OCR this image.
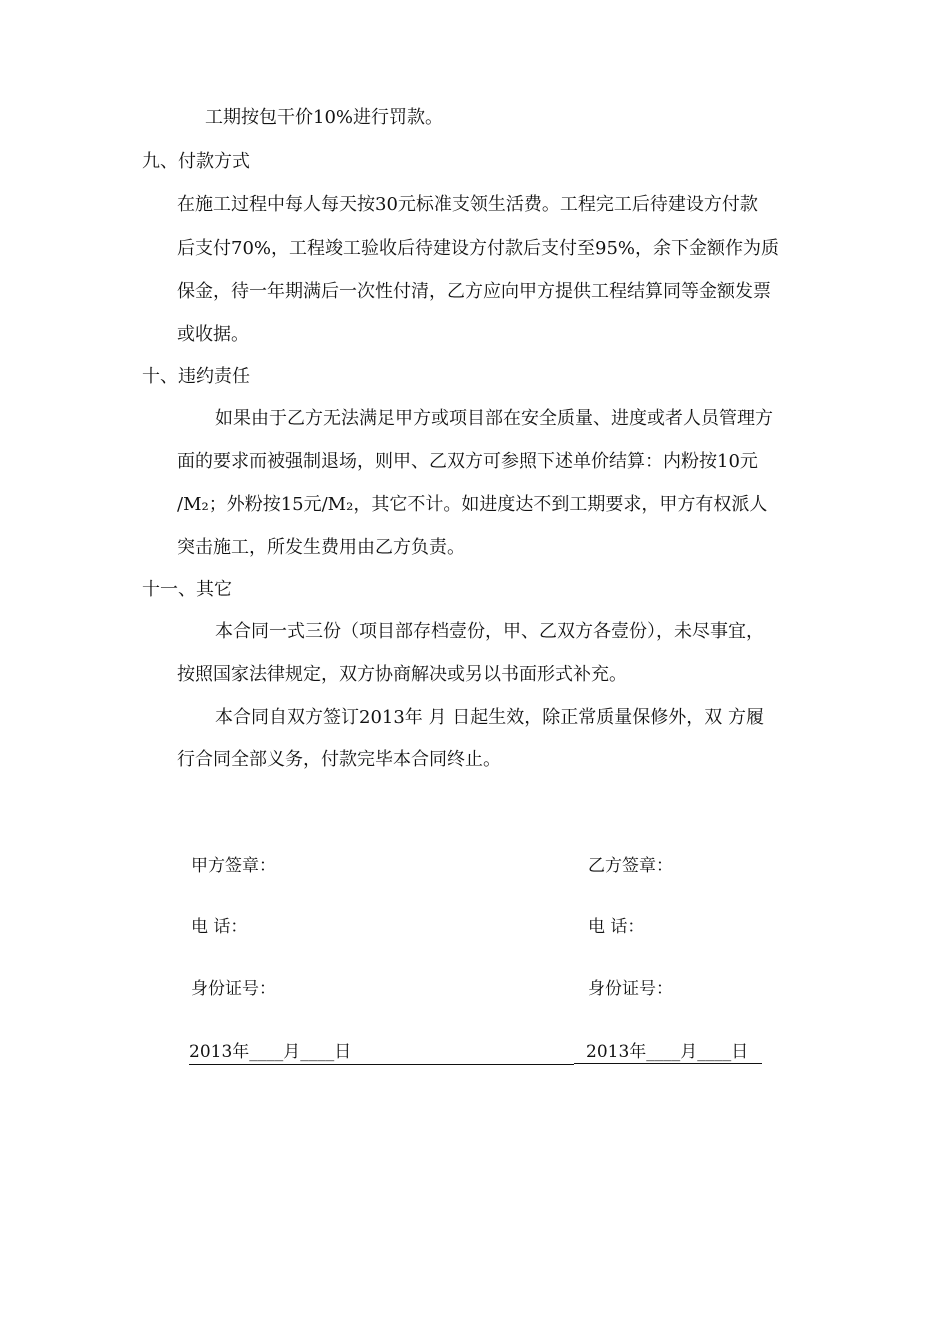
工期按包干价10%进行罚款。
九、付款方式
在施工过程中每人每天按30元标准支领生活费。工程完工后待建设方付款
后支付70%，工程竣工验收后待建设方付款后支付至95%，余下金额作为质
保金，待一年期满后一次性付清，乙方应向甲方提供工程结算同等金额发票
或收据。
十、违约责任
如果由于乙方无法满足甲方或项目部在安全质量、进度或者人员管理方
面的要求而被强制退场，则甲、乙双方可参照下述单价结算：内粉按10元
/M₂；外粉按15元/M₂，其它不计。如进度达不到工期要求，甲方有权派人
突击施工，所发生费用由乙方负责。
十一、其它
本合同一式三份（项目部存档壹份，甲、乙双方各壹份），未尽事宜，
按照国家法律规定，双方协商解决或另以书面形式补充。
本合同自双方签订2013年 月 日起生效，除正常质量保修外，双 方履
行合同全部义务，付款完毕本合同终止。
甲方签章：
电 话：
身份证号：
2013年____月____日
乙方签章：
电 话：
身份证号：
2013年____月____日
